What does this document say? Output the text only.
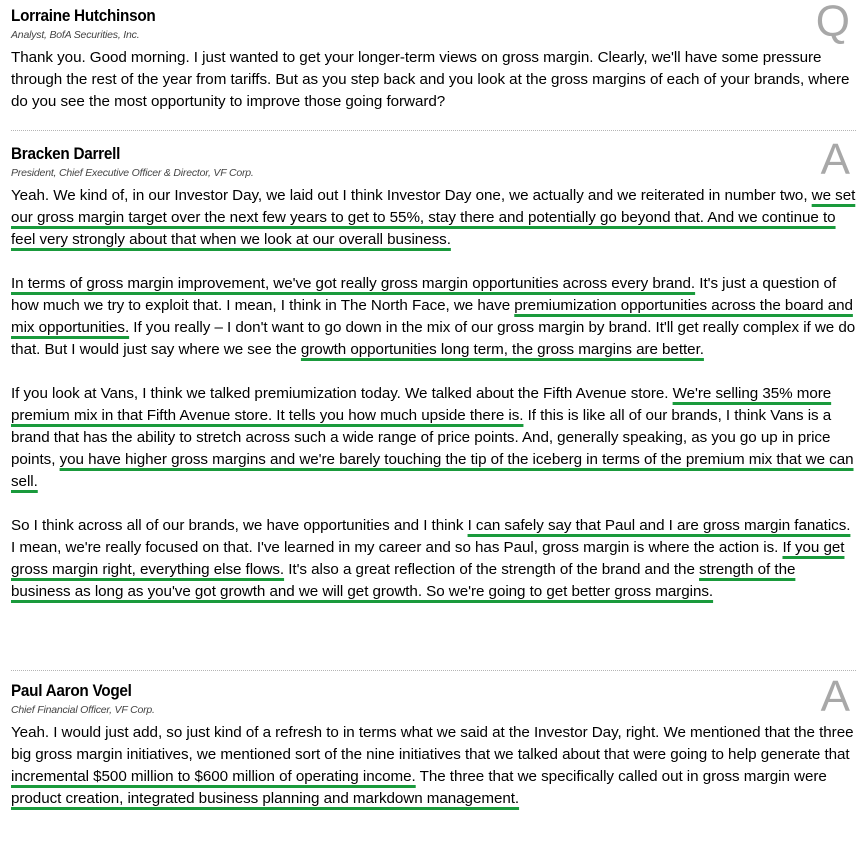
Lorraine Hutchinson
Analyst, BofA Securities, Inc.	Q

Thank you. Good morning. I just wanted to get your longer-term views on gross margin. Clearly, we'll have some pressure through the rest of the year from tariffs. But as you step back and you look at the gross margins of each of your brands, where do you see the most opportunity to improve those going forward?

Bracken Darrell
President, Chief Executive Officer & Director, VF Corp.	A

Yeah. We kind of, in our Investor Day, we laid out I think Investor Day one, we actually and we reiterated in number two, we set our gross margin target over the next few years to get to 55%, stay there and potentially go beyond that. And we continue to feel very strongly about that when we look at our overall business.

In terms of gross margin improvement, we've got really gross margin opportunities across every brand. It's just a question of how much we try to exploit that. I mean, I think in The North Face, we have premiumization opportunities across the board and mix opportunities. If you really – I don't want to go down in the mix of our gross margin by brand. It'll get really complex if we do that. But I would just say where we see the growth opportunities long term, the gross margins are better.

If you look at Vans, I think we talked premiumization today. We talked about the Fifth Avenue store. We're selling 35% more premium mix in that Fifth Avenue store. It tells you how much upside there is. If this is like all of our brands, I think Vans is a brand that has the ability to stretch across such a wide range of price points. And, generally speaking, as you go up in price points, you have higher gross margins and we're barely touching the tip of the iceberg in terms of the premium mix that we can sell.

So I think across all of our brands, we have opportunities and I think I can safely say that Paul and I are gross margin fanatics. I mean, we're really focused on that. I've learned in my career and so has Paul, gross margin is where the action is. If you get gross margin right, everything else flows. It's also a great reflection of the strength of the brand and the strength of the business as long as you've got growth and we will get growth. So we're going to get better gross margins.

Paul Aaron Vogel
Chief Financial Officer, VF Corp.	A

Yeah. I would just add, so just kind of a refresh to in terms what we said at the Investor Day, right. We mentioned that the three big gross margin initiatives, we mentioned sort of the nine initiatives that we talked about that were going to help generate that incremental $500 million to $600 million of operating income. The three that we specifically called out in gross margin were product creation, integrated business planning and markdown management.
